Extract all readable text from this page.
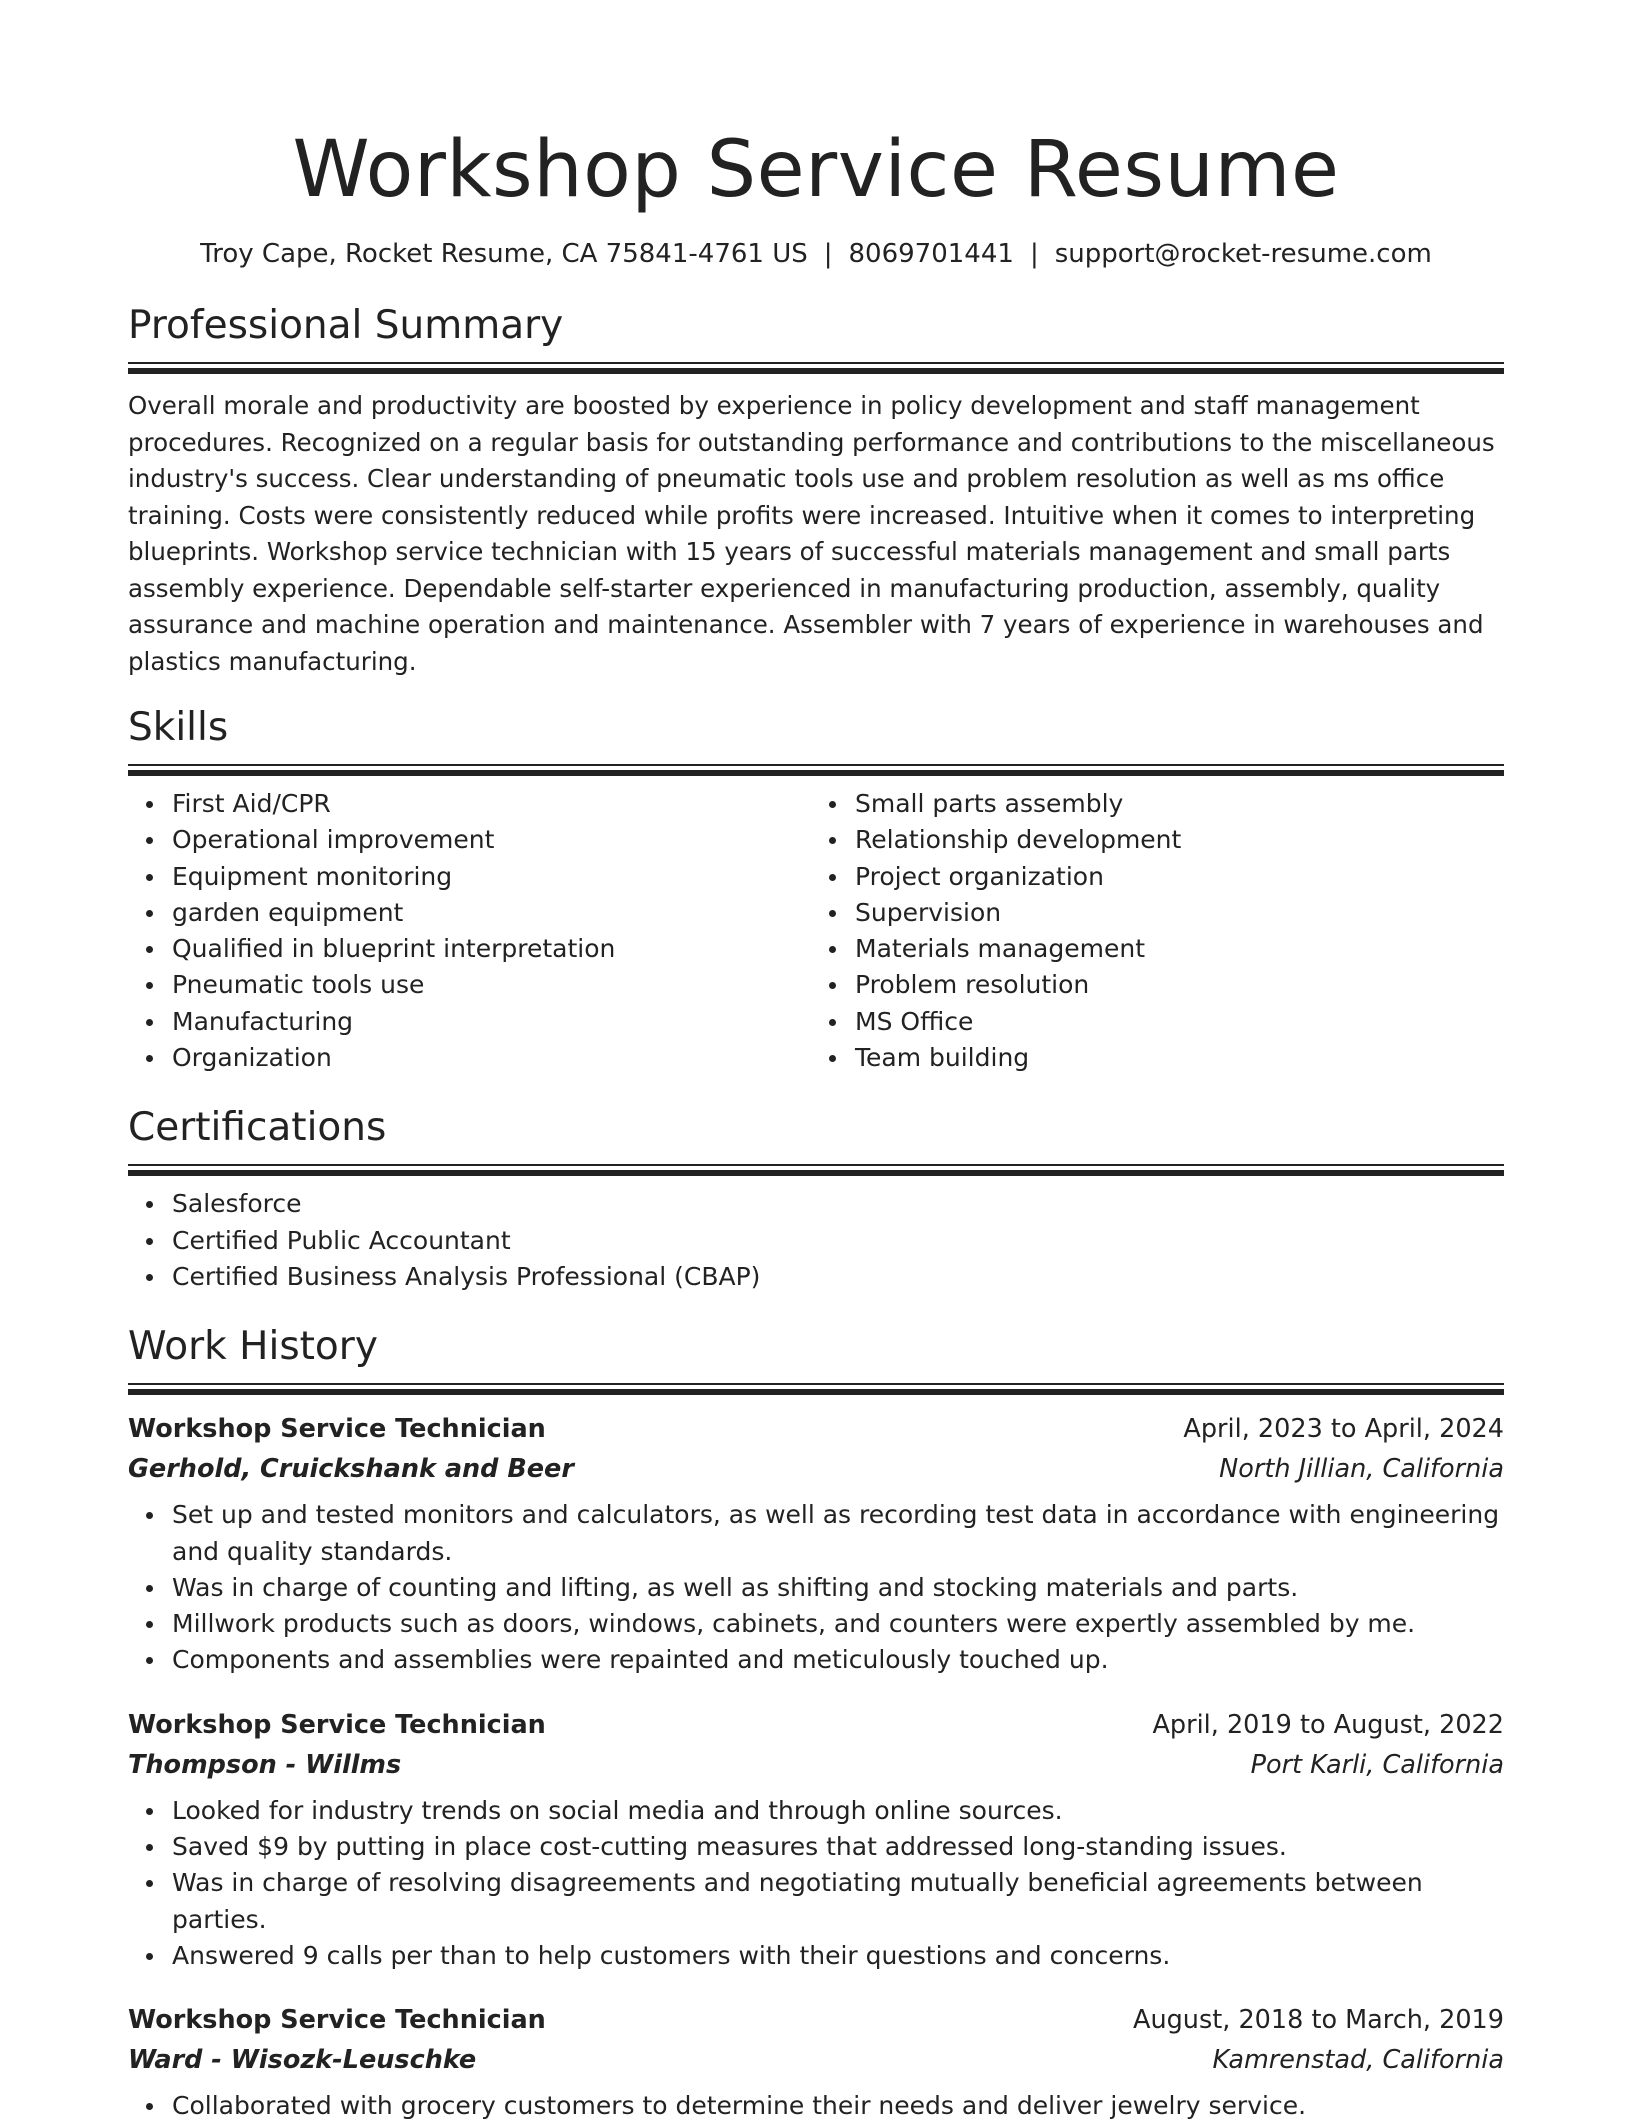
Workshop Service Resume
Troy Cape, Rocket Resume, CA 75841-4761 US | 8069701441 | support@rocket-resume.com
Professional Summary

Overall morale and productivity are boosted by experience in policy development and staff management procedures. Recognized on a regular basis for outstanding performance and contributions to the miscellaneous industry's success. Clear understanding of pneumatic tools use and problem resolution as well as ms office training. Costs were consistently reduced while profits were increased. Intuitive when it comes to interpreting blueprints. Workshop service technician with 15 years of successful materials management and small parts assembly experience. Dependable self-starter experienced in manufacturing production, assembly, quality assurance and machine operation and maintenance. Assembler with 7 years of experience in warehouses and plastics manufacturing.

Skills
First Aid/CPR
Operational improvement
Equipment monitoring
garden equipment
Qualified in blueprint interpretation
Pneumatic tools use
Manufacturing
Organization
Small parts assembly
Relationship development
Project organization
Supervision
Materials management
Problem resolution
MS Office
Team building
Certifications
Salesforce
Certified Public Accountant
Certified Business Analysis Professional (CBAP)
Work History
Workshop Service Technician	April, 2023 to April, 2024
Gerhold, Cruickshank and Beer	North Jillian, California
Set up and tested monitors and calculators, as well as recording test data in accordance with engineering and quality standards.
Was in charge of counting and lifting, as well as shifting and stocking materials and parts.
Millwork products such as doors, windows, cabinets, and counters were expertly assembled by me.
Components and assemblies were repainted and meticulously touched up.
Workshop Service Technician	April, 2019 to August, 2022
Thompson - Willms	Port Karli, California
Looked for industry trends on social media and through online sources.
Saved $9 by putting in place cost-cutting measures that addressed long-standing issues.
Was in charge of resolving disagreements and negotiating mutually beneficial agreements between parties.
Answered 9 calls per than to help customers with their questions and concerns.
Workshop Service Technician	August, 2018 to March, 2019
Ward - Wisozk-Leuschke	Kamrenstad, California
Collaborated with grocery customers to determine their needs and deliver jewelry service.
